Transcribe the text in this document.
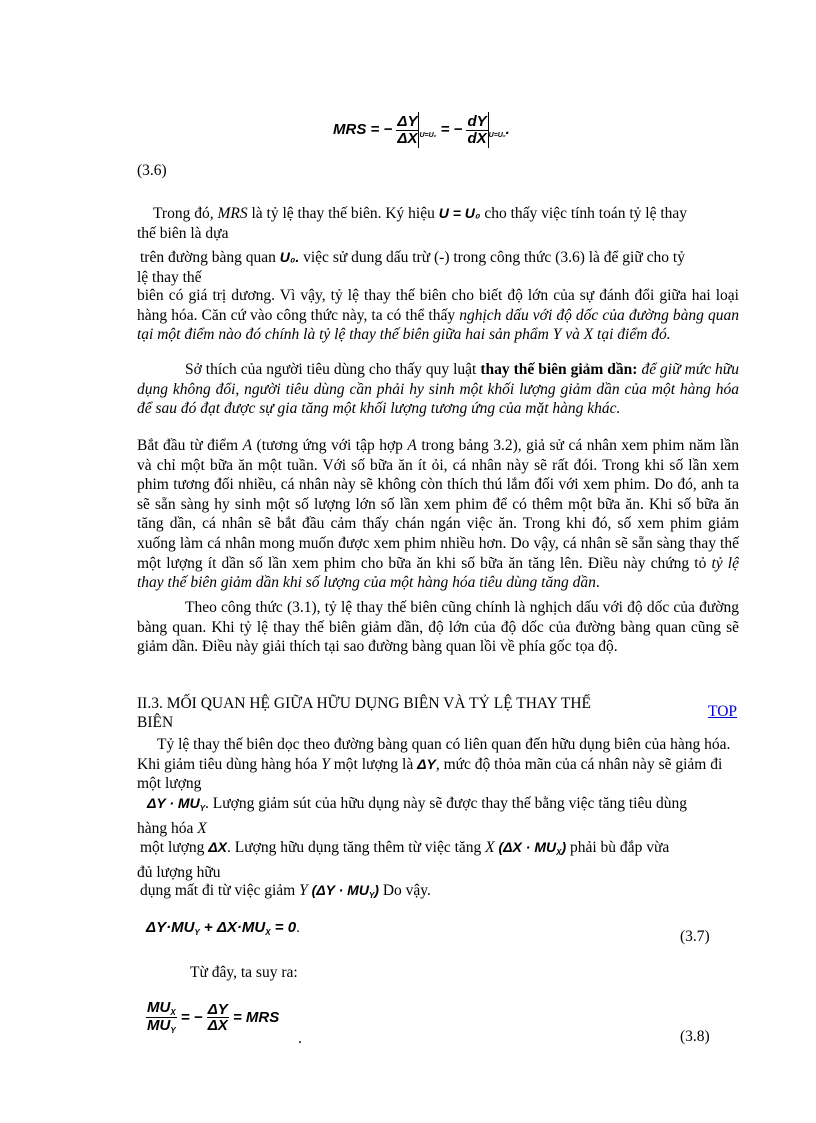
MRS = − $\frac{\Delta Y}{\Delta X} _{U=U_0}$ = − $\frac{dY}{dX} _{U=U_0}$.
(3.6)
Trong đó, MRS là tỷ lệ thay thế biên. Ký hiệu U = U₀ cho thấy việc tính toán tỷ lệ thay
thế biên là dựa
trên đường bàng quan U₀. việc sử dung dấu trừ (-) trong công thức (3.6) là để giữ cho tỷ
lệ thay thế
biên có giá trị dương. Vì vậy, tỷ lệ thay thế biên cho biết độ lớn của sự đánh đổi giữa hai loại hàng hóa. Căn cứ vào công thức này, ta có thể thấy nghịch dấu với độ dốc của đường bàng quan tại một điểm nào đó chính là tỷ lệ thay thế biên giữa hai sản phẩm Y và X tại điểm đó.
Sở thích của người tiêu dùng cho thấy quy luật thay thế biên giảm dần: để giữ mức hữu dụng không đổi, người tiêu dùng cần phải hy sinh một khối lượng giảm dần của một hàng hóa để sau đó đạt được sự gia tăng một khối lượng tương ứng của mặt hàng khác.
Bắt đầu từ điểm A (tương ứng với tập hợp A trong bảng 3.2), giả sử cá nhân xem phim năm lần và chỉ một bữa ăn một tuần. Với số bữa ăn ít ỏi, cá nhân này sẽ rất đói. Trong khi số lần xem phim tương đối nhiều, cá nhân này sẽ không còn thích thú lắm đối với xem phim. Do đó, anh ta sẽ sẵn sàng hy sinh một số lượng lớn số lần xem phim để có thêm một bữa ăn. Khi số bữa ăn tăng dần, cá nhân sẽ bắt đầu cảm thấy chán ngán việc ăn. Trong khi đó, số xem phim giảm xuống làm cá nhân mong muốn được xem phim nhiều hơn. Do vậy, cá nhân sẽ sẵn sàng thay thế một lượng ít dần số lần xem phim cho bữa ăn khi số bữa ăn tăng lên. Điều này chứng tỏ tỷ lệ thay thế biên giảm dần khi số lượng của một hàng hóa tiêu dùng tăng dần.
Theo công thức (3.1), tỷ lệ thay thế biên cũng chính là nghịch dấu với độ dốc của đường bàng quan. Khi tỷ lệ thay thế biên giảm dần, độ lớn của độ dốc của đường bàng quan cũng sẽ giảm dần. Điều này giải thích tại sao đường bàng quan lồi về phía gốc tọa độ.
II.3. MỐI QUAN HỆ GIỮA HỮU DỤNG BIÊN VÀ TỶ LỆ THAY THẾ
BIÊN
TOP
Tỷ lệ thay thế biên dọc theo đường bàng quan có liên quan đến hữu dụng biên của hàng hóa. Khi giảm tiêu dùng hàng hóa Y một lượng là ΔY, mức độ thỏa mãn của cá nhân này sẽ giảm đi một lượng
$\Delta Y \cdot MU_Y$. Lượng giảm sút của hữu dụng này sẽ được thay thế bằng việc tăng tiêu dùng
hàng hóa X
một lượng ΔX. Lượng hữu dụng tăng thêm từ việc tăng X $(\Delta X \cdot MU_X)$ phải bù đắp vừa
đủ lượng hữu
dụng mất đi từ việc giảm Y $(\Delta Y \cdot MU_Y)$ Do vậy.
$\Delta Y\cdot MU_Y + \Delta X\cdot MU_X = 0$.
(3.7)
Từ đây, ta suy ra:
$\frac{MU_X}{MU_Y}$ = − $\frac{\Delta Y}{\Delta X}$ = MRS
.	(3.8)
